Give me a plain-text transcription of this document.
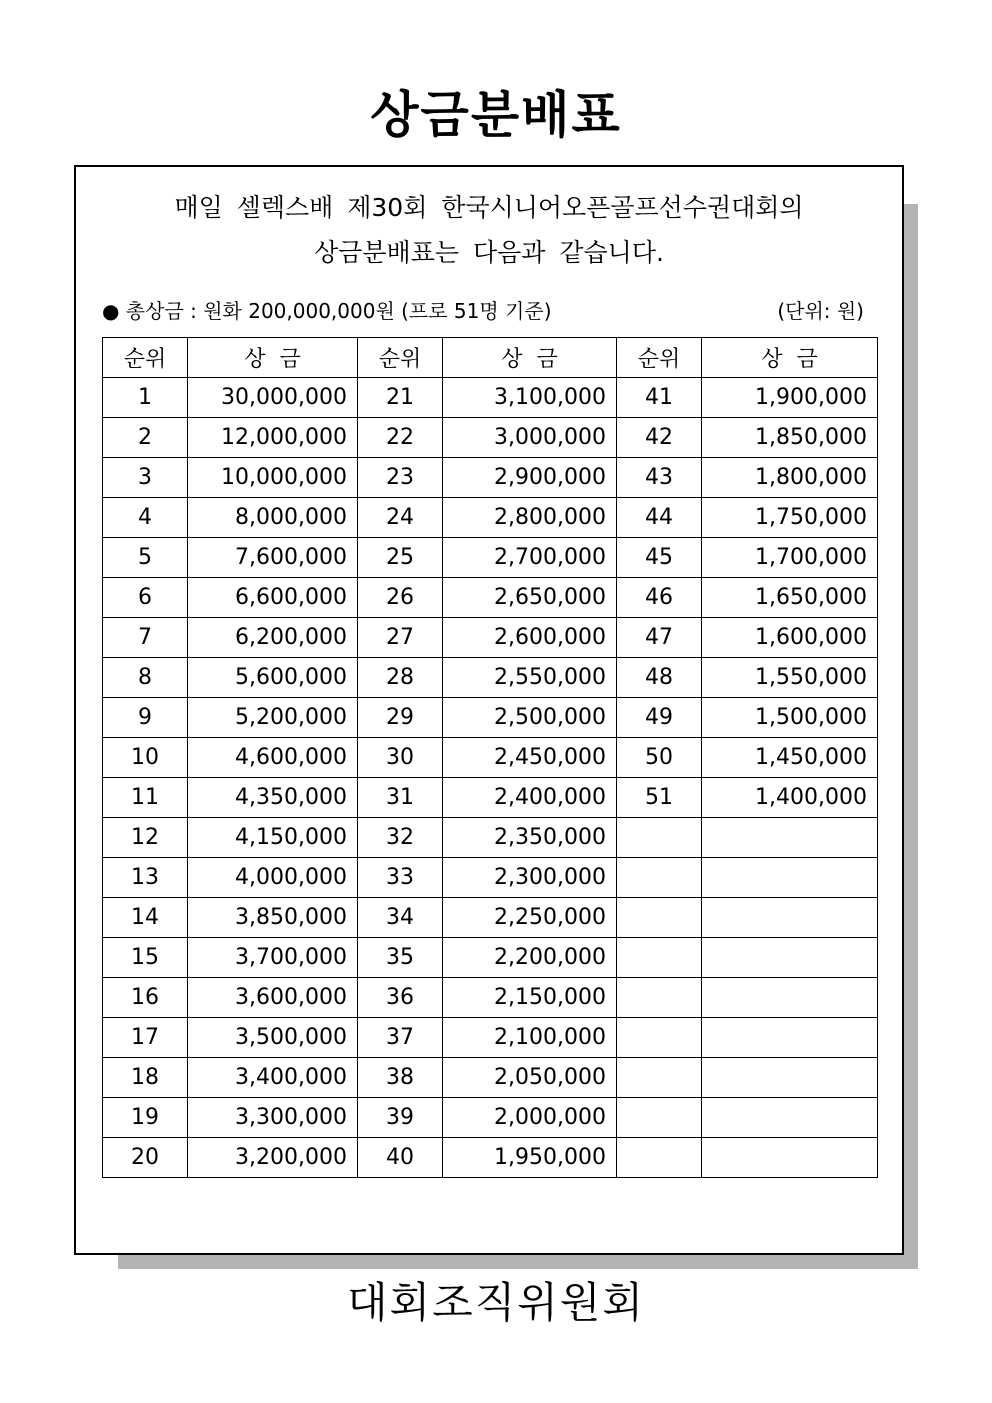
상금분배표
매일 셀렉스배 제30회 한국시니어오픈골프선수권대회의
상금분배표는 다음과 같습니다.
● 총상금 : 원화 200,000,000원 (프로 51명 기준)	(단위: 원)
순위	상  금	순위	상  금	순위	상  금
1	30,000,000	21	3,100,000	41	1,900,000
2	12,000,000	22	3,000,000	42	1,850,000
3	10,000,000	23	2,900,000	43	1,800,000
4	8,000,000	24	2,800,000	44	1,750,000
5	7,600,000	25	2,700,000	45	1,700,000
6	6,600,000	26	2,650,000	46	1,650,000
7	6,200,000	27	2,600,000	47	1,600,000
8	5,600,000	28	2,550,000	48	1,550,000
9	5,200,000	29	2,500,000	49	1,500,000
10	4,600,000	30	2,450,000	50	1,450,000
11	4,350,000	31	2,400,000	51	1,400,000
12	4,150,000	32	2,350,000		
13	4,000,000	33	2,300,000		
14	3,850,000	34	2,250,000		
15	3,700,000	35	2,200,000		
16	3,600,000	36	2,150,000		
17	3,500,000	37	2,100,000		
18	3,400,000	38	2,050,000		
19	3,300,000	39	2,000,000		
20	3,200,000	40	1,950,000		
대회조직위원회
